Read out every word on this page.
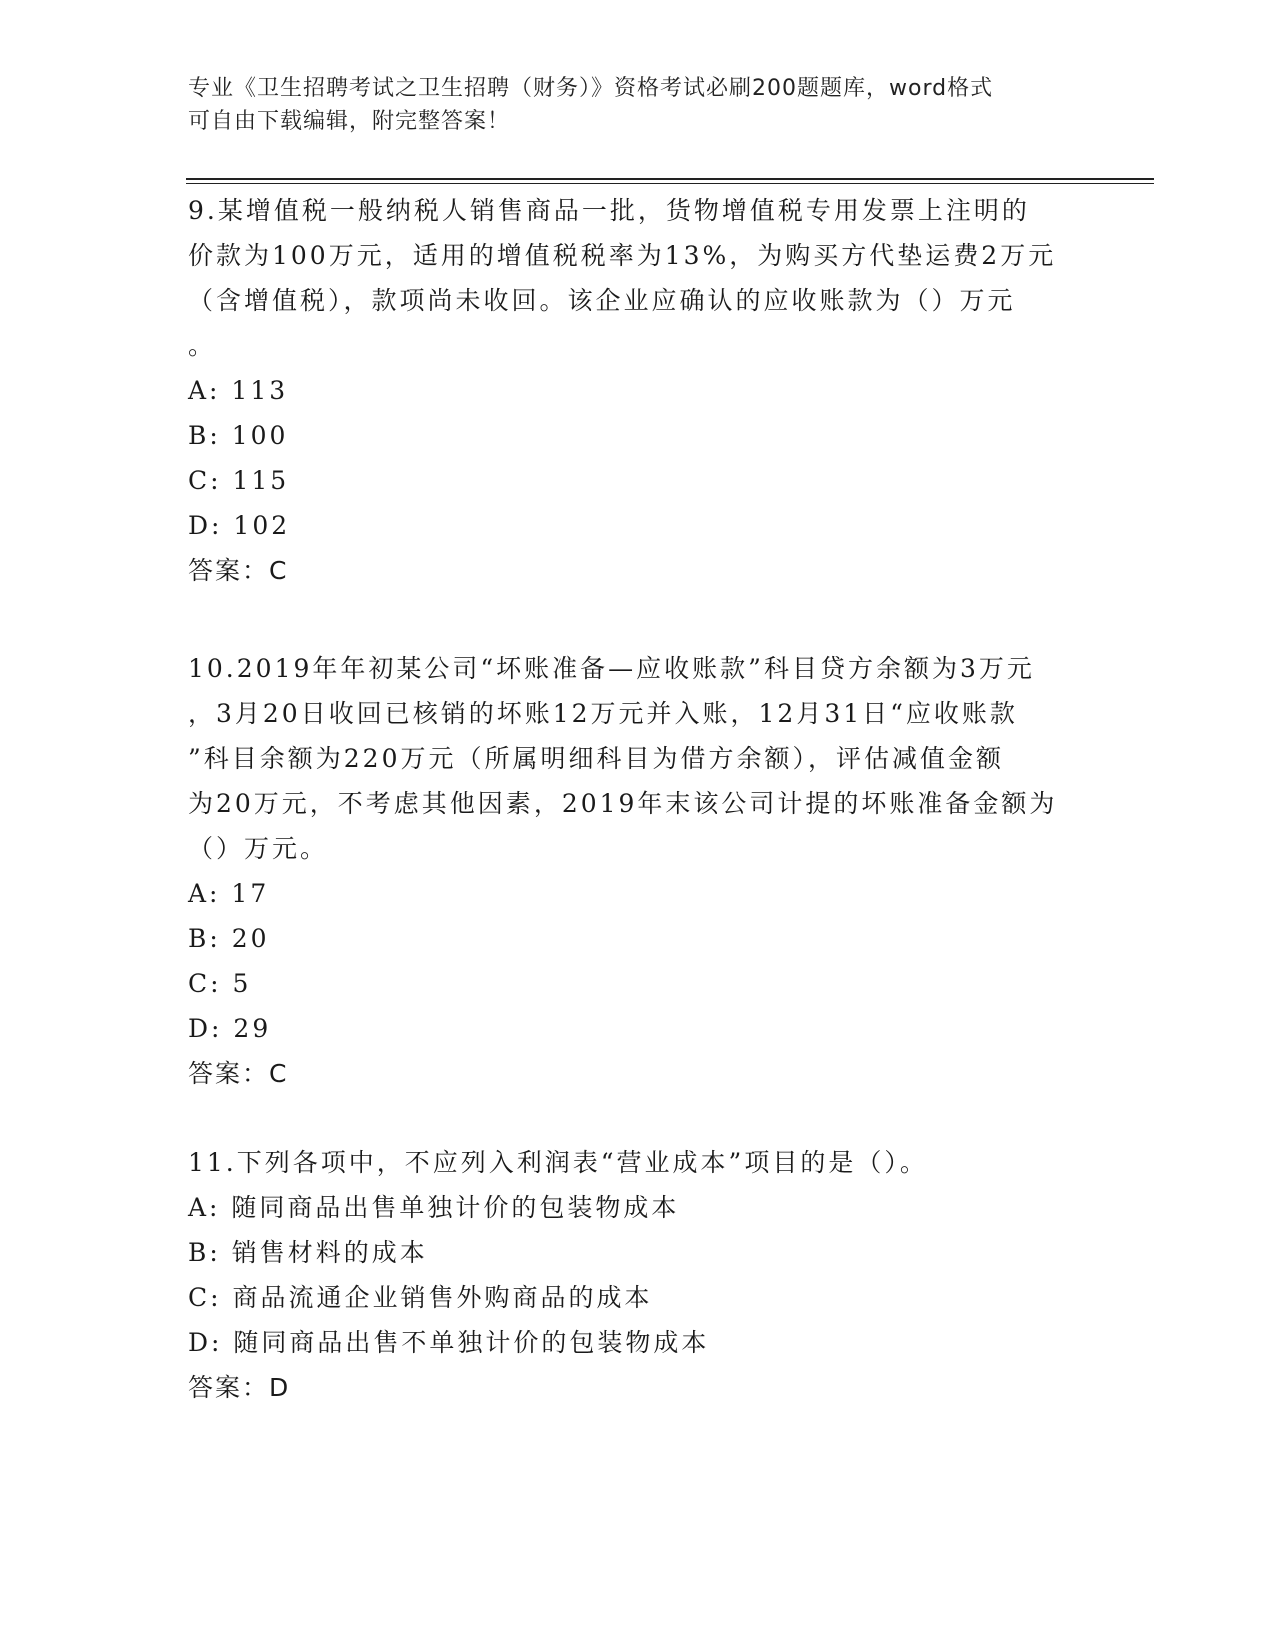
专业《卫生招聘考试之卫生招聘（财务）》资格考试必刷200题题库，word格式
可自由下载编辑，附完整答案！
9.某增值税一般纳税人销售商品一批，货物增值税专用发票上注明的
价款为100万元，适用的增值税税率为13%，为购买方代垫运费2万元
（含增值税），款项尚未收回。该企业应确认的应收账款为（）万元
。
A: 113
B: 100
C: 115
D: 102
答案：C
10.2019年年初某公司“坏账准备—应收账款”科目贷方余额为3万元
，3月20日收回已核销的坏账12万元并入账，12月31日“应收账款
”科目余额为220万元（所属明细科目为借方余额），评估减值金额
为20万元，不考虑其他因素，2019年末该公司计提的坏账准备金额为
（）万元。
A: 17
B: 20
C: 5
D: 29
答案：C
11.下列各项中，不应列入利润表“营业成本”项目的是（）。
A: 随同商品出售单独计价的包装物成本
B: 销售材料的成本
C: 商品流通企业销售外购商品的成本
D: 随同商品出售不单独计价的包装物成本
答案：D
